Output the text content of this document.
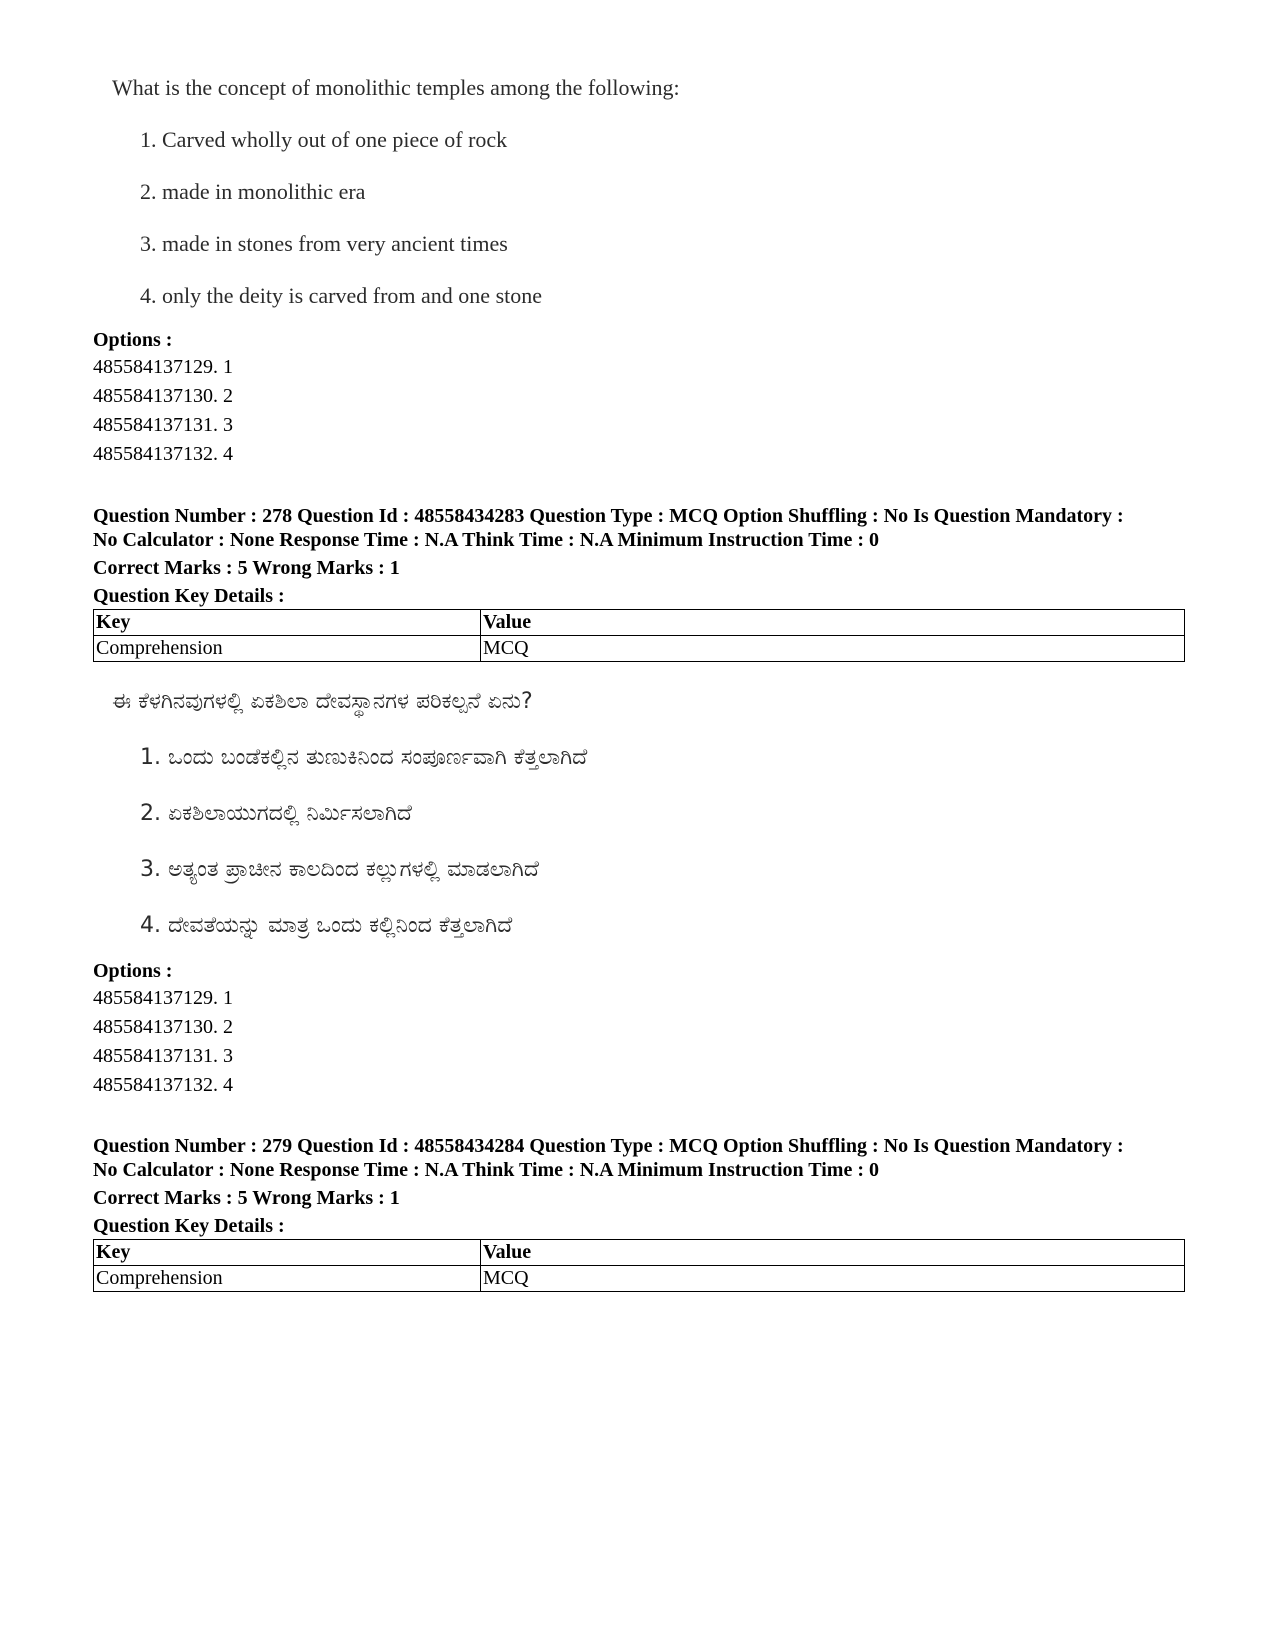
What is the concept of monolithic temples among the following:

1. Carved wholly out of one piece of rock
2. made in monolithic era
3. made in stones from very ancient times
4. only the deity is carved from and one stone
Options :
485584137129. 1
485584137130. 2
485584137131. 3
485584137132. 4
Question Number : 278 Question Id : 48558434283 Question Type : MCQ Option Shuffling : No Is Question Mandatory :
No Calculator : None Response Time : N.A Think Time : N.A Minimum Instruction Time : 0
Correct Marks : 5 Wrong Marks : 1
Question Key Details :
Key	Value
Comprehension	MCQ

ಈ ಕೆಳಗಿನವುಗಳಲ್ಲಿ ಏಕಶಿಲಾ ದೇವಸ್ಥಾನಗಳ ಪರಿಕಲ್ಪನೆ ಏನು?

1. ಒಂದು ಬಂಡೆಕಲ್ಲಿನ ತುಣುಕಿನಿಂದ ಸಂಪೂರ್ಣವಾಗಿ ಕೆತ್ತಲಾಗಿದೆ
2. ಏಕಶಿಲಾಯುಗದಲ್ಲಿ ನಿರ್ಮಿಸಲಾಗಿದೆ
3. ಅತ್ಯಂತ ಪ್ರಾಚೀನ ಕಾಲದಿಂದ ಕಲ್ಲುಗಳಲ್ಲಿ ಮಾಡಲಾಗಿದೆ
4. ದೇವತೆಯನ್ನು ಮಾತ್ರ ಒಂದು ಕಲ್ಲಿನಿಂದ ಕೆತ್ತಲಾಗಿದೆ
Options :
485584137129. 1
485584137130. 2
485584137131. 3
485584137132. 4
Question Number : 279 Question Id : 48558434284 Question Type : MCQ Option Shuffling : No Is Question Mandatory :
No Calculator : None Response Time : N.A Think Time : N.A Minimum Instruction Time : 0
Correct Marks : 5 Wrong Marks : 1
Question Key Details :
Key	Value
Comprehension	MCQ
